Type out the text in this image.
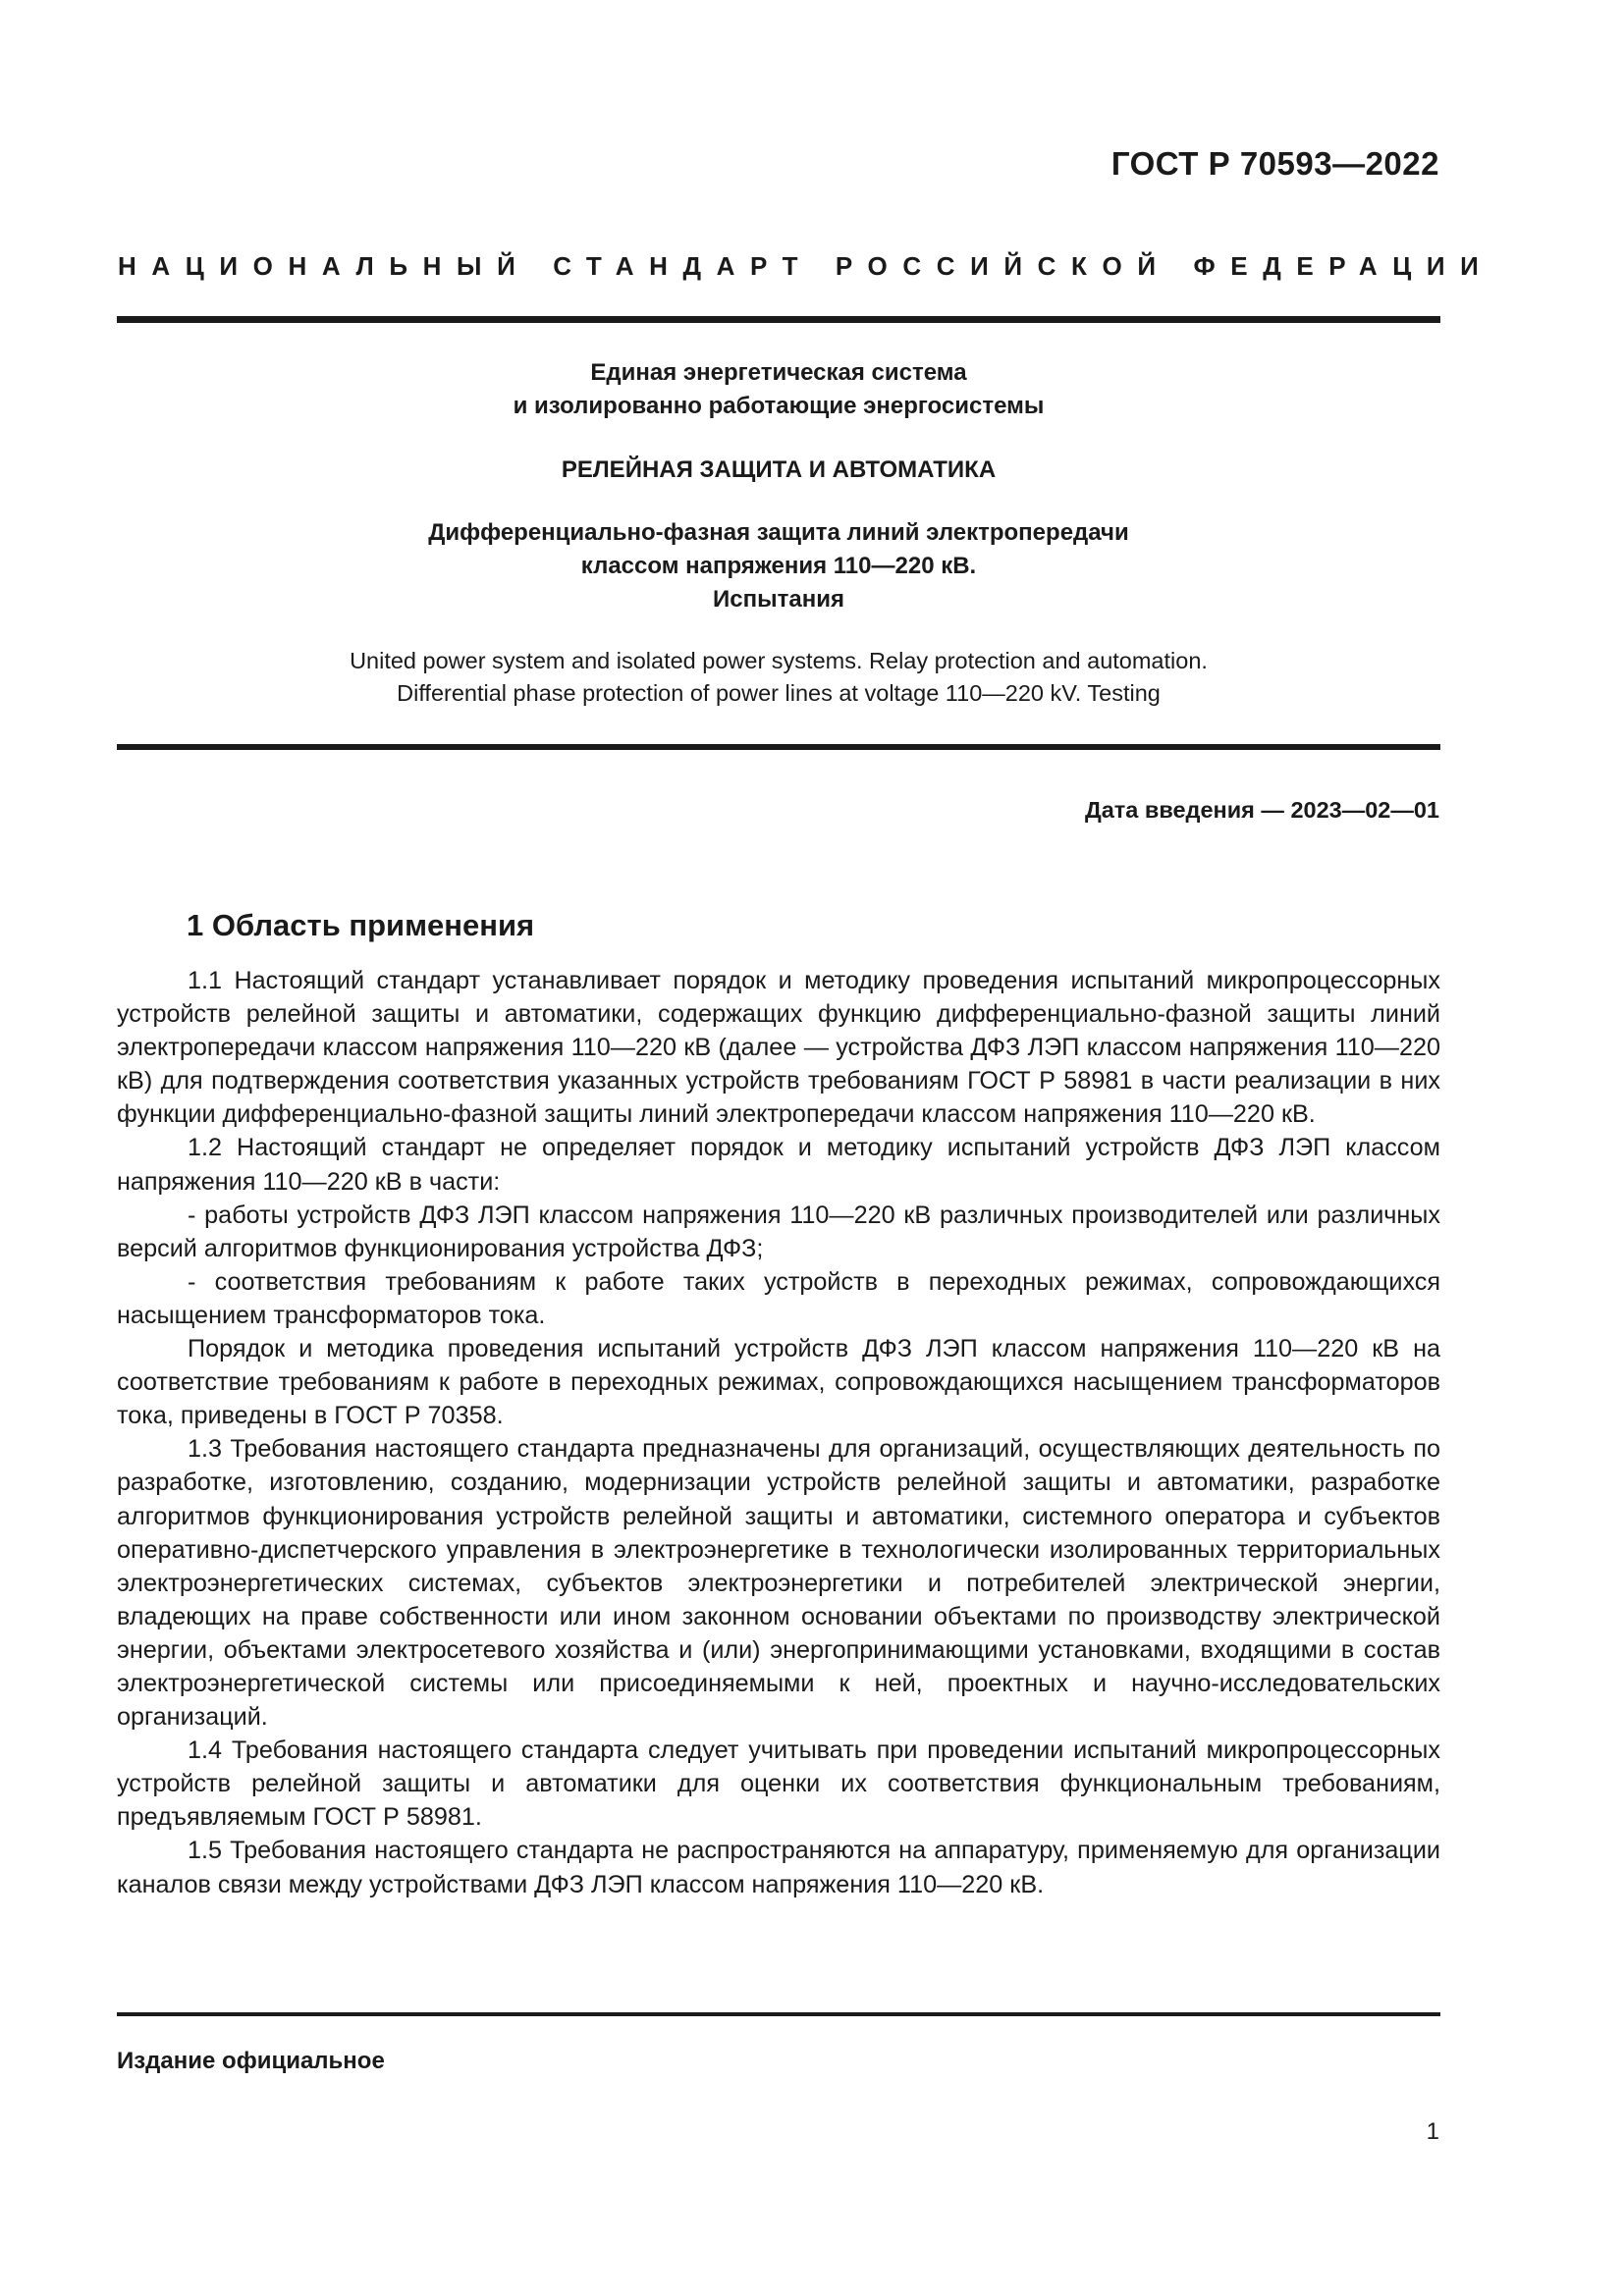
ГОСТ Р 70593—2022
НАЦИОНАЛЬНЫЙ СТАНДАРТ РОССИЙСКОЙ ФЕДЕРАЦИИ
Единая энергетическая система
и изолированно работающие энергосистемы
РЕЛЕЙНАЯ ЗАЩИТА И АВТОМАТИКА
Дифференциально-фазная защита линий электропередачи
классом напряжения 110—220 кВ.
Испытания
United power system and isolated power systems. Relay protection and automation.
Differential phase protection of power lines at voltage 110—220 kV. Testing
Дата введения — 2023—02—01
1 Область применения

1.1 Настоящий стандарт устанавливает порядок и методику проведения испытаний микропроцессорных устройств релейной защиты и автоматики, содержащих функцию дифференциально-фазной защиты линий электропередачи классом напряжения 110—220 кВ (далее — устройства ДФЗ ЛЭП классом напряжения 110—220 кВ) для подтверждения соответствия указанных устройств требованиям ГОСТ Р 58981 в части реализации в них функции дифференциально-фазной защиты линий электропередачи классом напряжения 110—220 кВ.

1.2 Настоящий стандарт не определяет порядок и методику испытаний устройств ДФЗ ЛЭП классом напряжения 110—220 кВ в части:

- работы устройств ДФЗ ЛЭП классом напряжения 110—220 кВ различных производителей или различных версий алгоритмов функционирования устройства ДФЗ;

- соответствия требованиям к работе таких устройств в переходных режимах, сопровождающихся насыщением трансформаторов тока.

Порядок и методика проведения испытаний устройств ДФЗ ЛЭП классом напряжения 110—220 кВ на соответствие требованиям к работе в переходных режимах, сопровождающихся насыщением трансформаторов тока, приведены в ГОСТ Р 70358.

1.3 Требования настоящего стандарта предназначены для организаций, осуществляющих деятельность по разработке, изготовлению, созданию, модернизации устройств релейной защиты и автоматики, разработке алгоритмов функционирования устройств релейной защиты и автоматики, системного оператора и субъектов оперативно-диспетчерского управления в электроэнергетике в технологически изолированных территориальных электроэнергетических системах, субъектов электроэнергетики и потребителей электрической энергии, владеющих на праве собственности или ином законном основании объектами по производству электрической энергии, объектами электросетевого хозяйства и (или) энергопринимающими установками, входящими в состав электроэнергетической системы или присоединяемыми к ней, проектных и научно-исследовательских организаций.

1.4 Требования настоящего стандарта следует учитывать при проведении испытаний микропроцессорных устройств релейной защиты и автоматики для оценки их соответствия функциональным требованиям, предъявляемым ГОСТ Р 58981.

1.5 Требования настоящего стандарта не распространяются на аппаратуру, применяемую для организации каналов связи между устройствами ДФЗ ЛЭП классом напряжения 110—220 кВ.

Издание официальное
1
